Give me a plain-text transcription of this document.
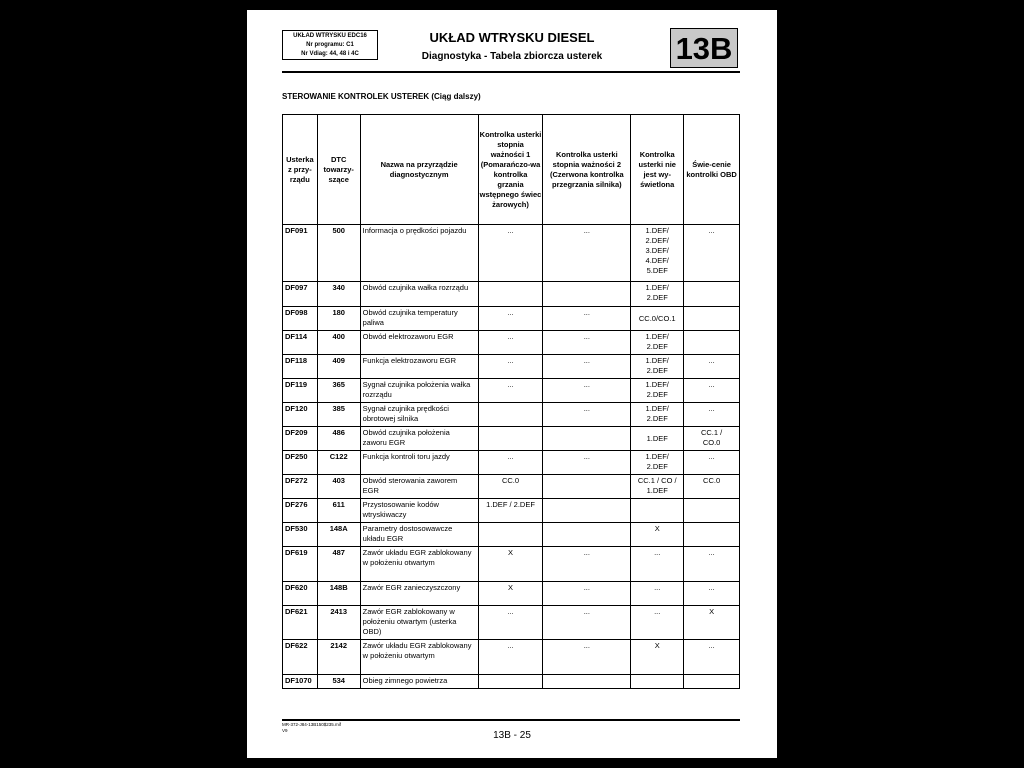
UKŁAD WTRYSKU EDC16
Nr programu: C1
Nr Vdiag: 44, 48 i 4C
UKŁAD WTRYSKU DIESEL
Diagnostyka - Tabela zbiorcza usterek	13B
STEROWANIE KONTROLEK USTEREK (Ciąg dalszy)
Usterka z przy-rządu	DTC towarzy-szące	Nazwa na przyrządzie diagnostycznym	Kontrolka usterki stopnia ważności 1 (Pomarańczo-wa kontrolka grzania wstępnego świec żarowych)	Kontrolka usterki stopnia ważności 2 (Czerwona kontrolka przegrzania silnika)	Kontrolka usterki nie jest wy-świetlona	Świe-cenie kontrolki OBD
DF091	500	Informacja o prędkości pojazdu	...	...	1.DEF/
2.DEF/
3.DEF/
4.DEF/
5.DEF	...
DF097	340	Obwód czujnika wałka rozrządu			1.DEF/
2.DEF	
DF098	180	Obwód czujnika temperatury paliwa	...	...	CC.0/CO.1	
DF114	400	Obwód elektrozaworu EGR	...	...	1.DEF/
2.DEF	
DF118	409	Funkcja elektrozaworu EGR	...	...	1.DEF/
2.DEF	...
DF119	365	Sygnał czujnika położenia wałka rozrządu	...	...	1.DEF/
2.DEF	...
DF120	385	Sygnał czujnika prędkości obrotowej silnika		...	1.DEF/
2.DEF	...
DF209	486	Obwód czujnika położenia zaworu EGR			1.DEF	CC.1 /
CO.0
DF250	C122	Funkcja kontroli toru jazdy	...	...	1.DEF/
2.DEF	...
DF272	403	Obwód sterowania zaworem EGR	CC.0		CC.1 / CO /
1.DEF	CC.0
DF276	611	Przystosowanie kodów wtryskiwaczy	1.DEF / 2.DEF			
DF530	148A	Parametry dostosowawcze układu EGR			X	
DF619	487	Zawór układu EGR zablokowany w położeniu otwartym	X	...	...	...
DF620	148B	Zawór EGR zanieczyszczony	X	...	...	...
DF621	2413	Zawór EGR zablokowany w położeniu otwartym (usterka OBD)	...	...	...	X
DF622	2142	Zawór układu EGR zablokowany w położeniu otwartym	...	...	X	...
DF1070	534	Obieg zimnego powietrza				
MR-372-J84-13B150$235.mif
V9	13B - 25
